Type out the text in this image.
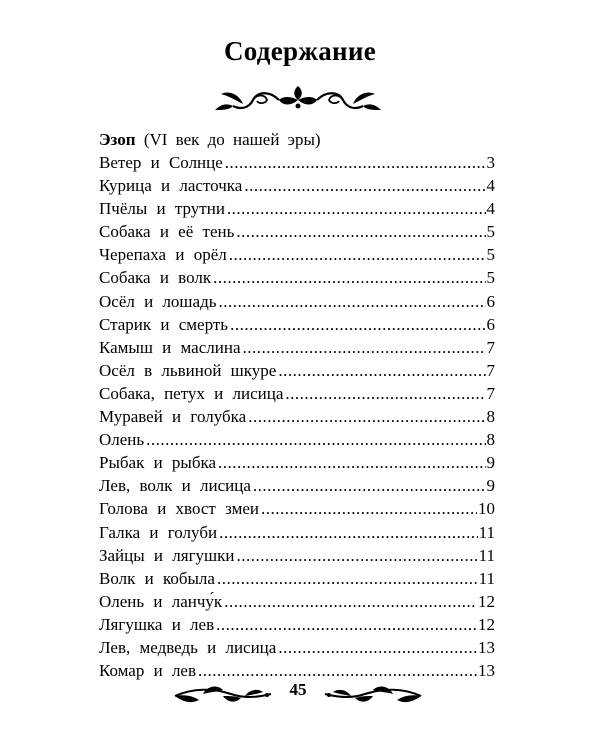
Содержание
Эзоп (VI век до нашей эры)
Ветер и Солнце .....	3
Курица и ласточка .....	4
Пчёлы и трутни .....	4
Собака и её тень .....	5
Черепаха и орёл .....	5
Собака и волк .....	5
Осёл и лошадь .....	6
Старик и смерть .....	6
Камыш и маслина .....	7
Осёл в львиной шкуре .....	7
Собака, петух и лисица .....	7
Муравей и голубка .....	8
Олень .....	8
Рыбак и рыбка .....	9
Лев, волк и лисица .....	9
Голова и хвост змеи .....	10
Галка и голуби .....	11
Зайцы и лягушки .....	11
Волк и кобыла .....	11
Олень и ланчу́к .....	12
Лягушка и лев .....	12
Лев, медведь и лисица .....	13
Комар и лев .....	13
45
